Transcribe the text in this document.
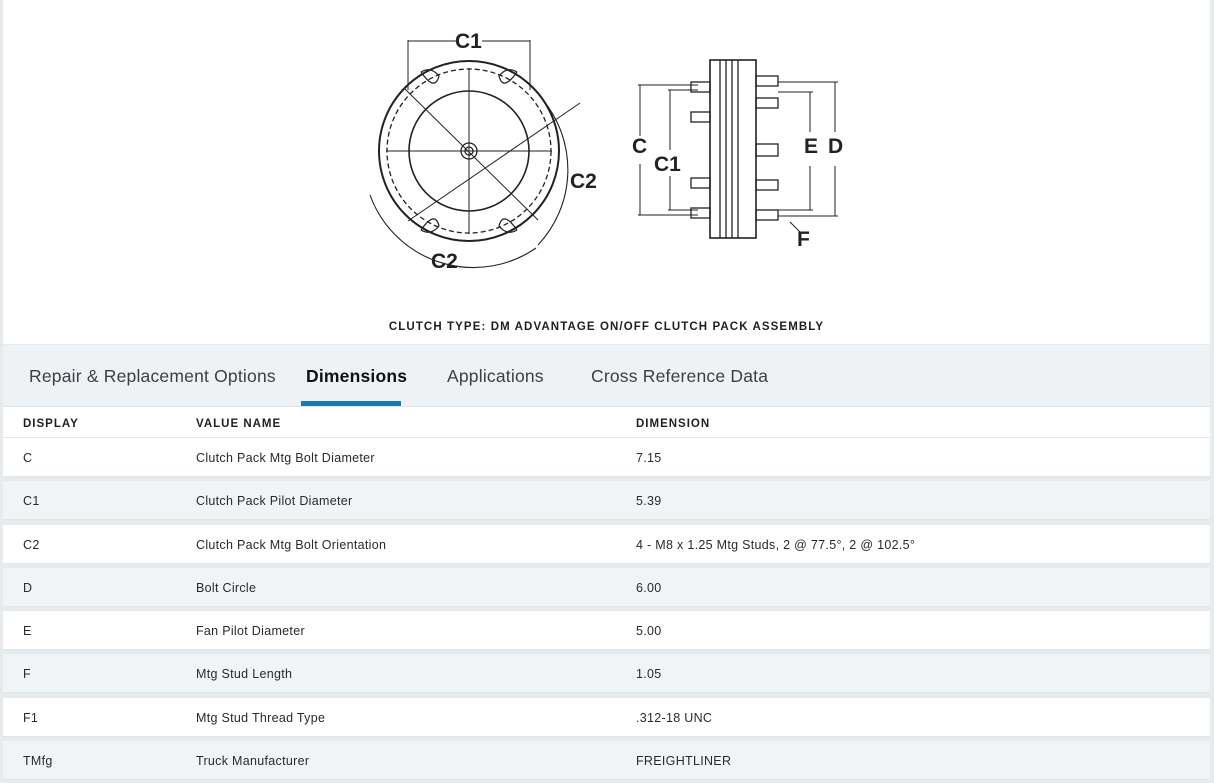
C1
C2
C2
C
C1
E D
F
CLUTCH TYPE: DM ADVANTAGE ON/OFF CLUTCH PACK ASSEMBLY
Repair & Replacement Options Dimensions Applications	Cross Reference Data
DISPLAY	VALUE NAME	DIMENSION
C	Clutch Pack Mtg Bolt Diameter	7.15
C1	Clutch Pack Pilot Diameter	5.39
C2	Clutch Pack Mtg Bolt Orientation	4 - M8 x 1.25 Mtg Studs, 2 @ 77.5°, 2 @ 102.5°
D	Bolt Circle	6.00
E	Fan Pilot Diameter	5.00
F	Mtg Stud Length	1.05
F1	Mtg Stud Thread Type	.312-18 UNC
TMfg	Truck Manufacturer	FREIGHTLINER
